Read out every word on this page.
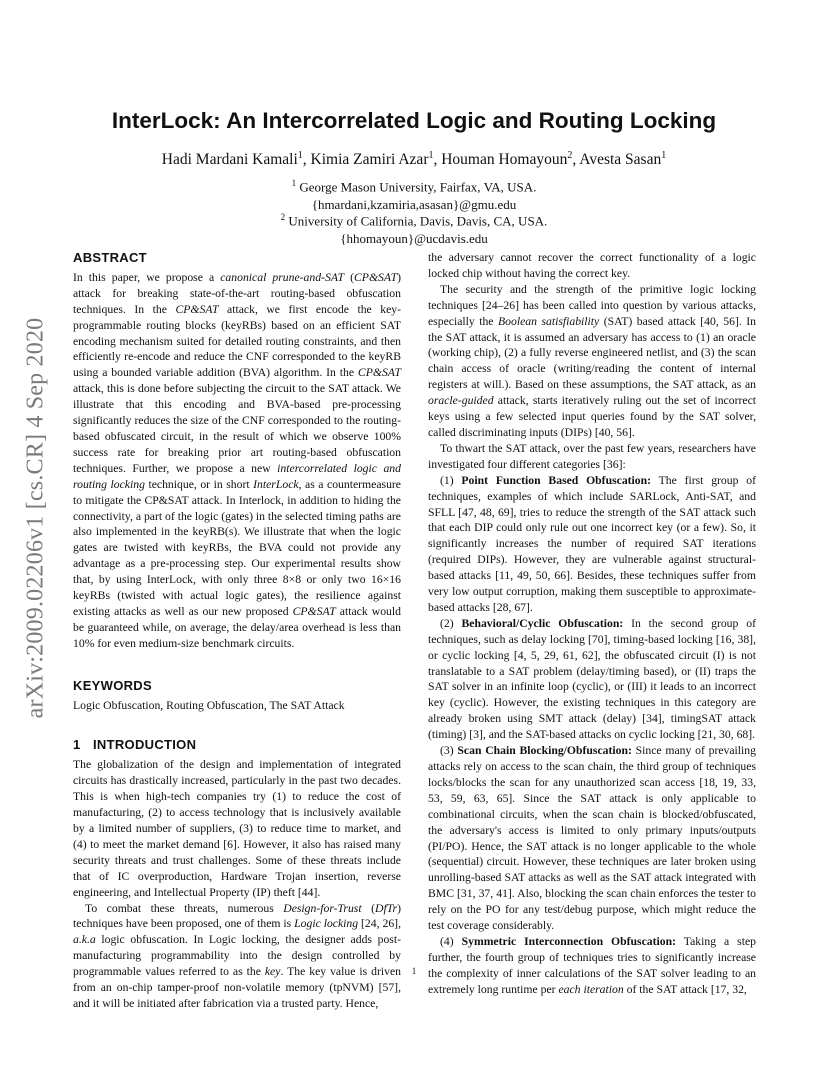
arXiv:2009.02206v1 [cs.CR] 4 Sep 2020
InterLock: An Intercorrelated Logic and Routing Locking
Hadi Mardani Kamali$^1$, Kimia Zamiri Azar$^1$, Houman Homayoun$^2$, Avesta Sasan$^1$
$^1$ George Mason University, Fairfax, VA, USA.
{hmardani,kzamiria,asasan}@gmu.edu
$^2$ University of California, Davis, Davis, CA, USA.
{hhomayoun}@ucdavis.edu
ABSTRACT

In this paper, we propose a canonical prune-and-SAT (CP&SAT) attack for breaking state-of-the-art routing-based obfuscation techniques. In the CP&SAT attack, we first encode the key-programmable routing blocks (keyRBs) based on an efficient SAT encoding mechanism suited for detailed routing constraints, and then efficiently re-encode and reduce the CNF corresponded to the keyRB using a bounded variable addition (BVA) algorithm. In the CP&SAT attack, this is done before subjecting the circuit to the SAT attack. We illustrate that this encoding and BVA-based pre-processing significantly reduces the size of the CNF corresponded to the routing-based obfuscated circuit, in the result of which we observe 100% success rate for breaking prior art routing-based obfuscation techniques. Further, we propose a new intercorrelated logic and routing locking technique, or in short InterLock, as a countermeasure to mitigate the CP&SAT attack. In Interlock, in addition to hiding the connectivity, a part of the logic (gates) in the selected timing paths are also implemented in the keyRB(s). We illustrate that when the logic gates are twisted with keyRBs, the BVA could not provide any advantage as a pre-processing step. Our experimental results show that, by using InterLock, with only three 8×8 or only two 16×16 keyRBs (twisted with actual logic gates), the resilience against existing attacks as well as our new proposed CP&SAT attack would be guaranteed while, on average, the delay/area overhead is less than 10% for even medium-size benchmark circuits.

KEYWORDS

Logic Obfuscation, Routing Obfuscation, The SAT Attack

1 INTRODUCTION

The globalization of the design and implementation of integrated circuits has drastically increased, particularly in the past two decades. This is when high-tech companies try (1) to reduce the cost of manufacturing, (2) to access technology that is inclusively available by a limited number of suppliers, (3) to reduce time to market, and (4) to meet the market demand [6]. However, it also has raised many security threats and trust challenges. Some of these threats include that of IC overproduction, Hardware Trojan insertion, reverse engineering, and Intellectual Property (IP) theft [44].

To combat these threats, numerous Design-for-Trust (DfTr) techniques have been proposed, one of them is Logic locking [24, 26], a.k.a logic obfuscation. In Logic locking, the designer adds post-manufacturing programmability into the design controlled by programmable values referred to as the key. The key value is driven from an on-chip tamper-proof non-volatile memory (tpNVM) [57], and it will be initiated after fabrication via a trusted party. Hence,

the adversary cannot recover the correct functionality of a logic locked chip without having the correct key.

The security and the strength of the primitive logic locking techniques [24–26] has been called into question by various attacks, especially the Boolean satisfiability (SAT) based attack [40, 56]. In the SAT attack, it is assumed an adversary has access to (1) an oracle (working chip), (2) a fully reverse engineered netlist, and (3) the scan chain access of oracle (writing/reading the content of internal registers at will.). Based on these assumptions, the SAT attack, as an oracle-guided attack, starts iteratively ruling out the set of incorrect keys using a few selected input queries found by the SAT solver, called discriminating inputs (DIPs) [40, 56].

To thwart the SAT attack, over the past few years, researchers have investigated four different categories [36]:

(1) Point Function Based Obfuscation: The first group of techniques, examples of which include SARLock, Anti-SAT, and SFLL [47, 48, 69], tries to reduce the strength of the SAT attack such that each DIP could only rule out one incorrect key (or a few). So, it significantly increases the number of required SAT iterations (required DIPs). However, they are vulnerable against structural-based attacks [11, 49, 50, 66]. Besides, these techniques suffer from very low output corruption, making them susceptible to approximate-based attacks [28, 67].

(2) Behavioral/Cyclic Obfuscation: In the second group of techniques, such as delay locking [70], timing-based locking [16, 38], or cyclic locking [4, 5, 29, 61, 62], the obfuscated circuit (I) is not translatable to a SAT problem (delay/timing based), or (II) traps the SAT solver in an infinite loop (cyclic), or (III) it leads to an incorrect key (cyclic). However, the existing techniques in this category are already broken using SMT attack (delay) [34], timingSAT attack (timing) [3], and the SAT-based attacks on cyclic locking [21, 30, 68].

(3) Scan Chain Blocking/Obfuscation: Since many of prevailing attacks rely on access to the scan chain, the third group of techniques locks/blocks the scan for any unauthorized scan access [18, 19, 33, 53, 59, 63, 65]. Since the SAT attack is only applicable to combinational circuits, when the scan chain is blocked/obfuscated, the adversary's access is limited to only primary inputs/outputs (PI/PO). Hence, the SAT attack is no longer applicable to the whole (sequential) circuit. However, these techniques are later broken using unrolling-based SAT attacks as well as the SAT attack integrated with BMC [31, 37, 41]. Also, blocking the scan chain enforces the tester to rely on the PO for any test/debug purpose, which might reduce the test coverage considerably.

(4) Symmetric Interconnection Obfuscation: Taking a step further, the fourth group of techniques tries to significantly increase the complexity of inner calculations of the SAT solver leading to an extremely long runtime per each iteration of the SAT attack [17, 32,

1
